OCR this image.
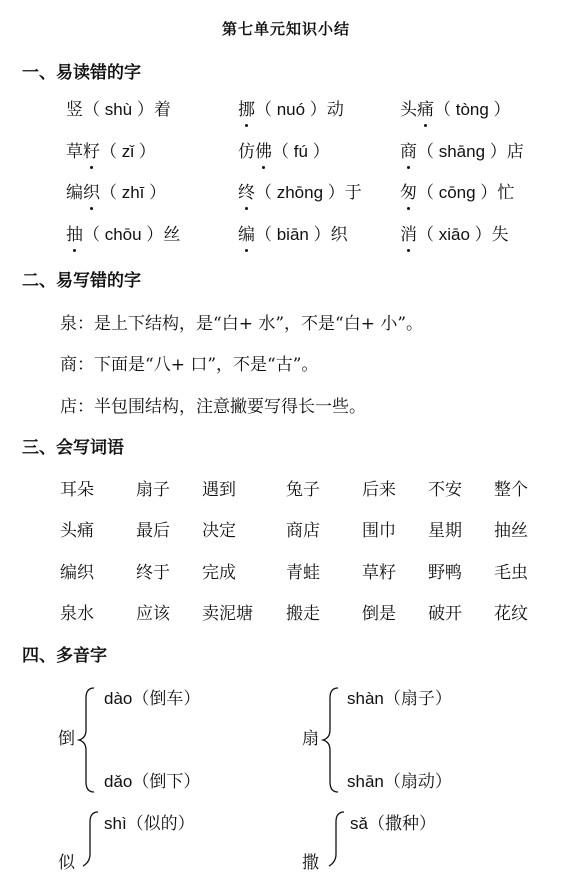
第七单元知识小结
一、易读错的字
竖（ shù ）着	挪（ nuó ）动	头痛（ tòng ）
草籽（ zǐ ）	仿佛（ fú ）	商（ shāng ）店
编织（ zhī ）	终（ zhōng ）于 匆（ cōng ）忙
抽（ chōu ）丝	编（ biān ）织	消（ xiāo ）失
二、易写错的字
泉：是上下结构，是“白+ 水”，不是“白+ 小”。
商：下面是“八+ 口”，不是“古”。
店：半包围结构，注意撇要写得长一些。
三、会写词语
耳朵 扇子 遇到	兔子 后来 不安 整个
头痛 最后 决定	商店 围巾 星期 抽丝
编织 终于 完成	青蛙 草籽 野鸭 毛虫
泉水 应该 卖泥塘 搬走 倒是 破开 花纹
四、多音字
倒
dào（倒车）
dǎo（倒下）
扇
shàn（扇子）
shān（扇动）
似
shì（似的）
撒
sǎ（撒种）
